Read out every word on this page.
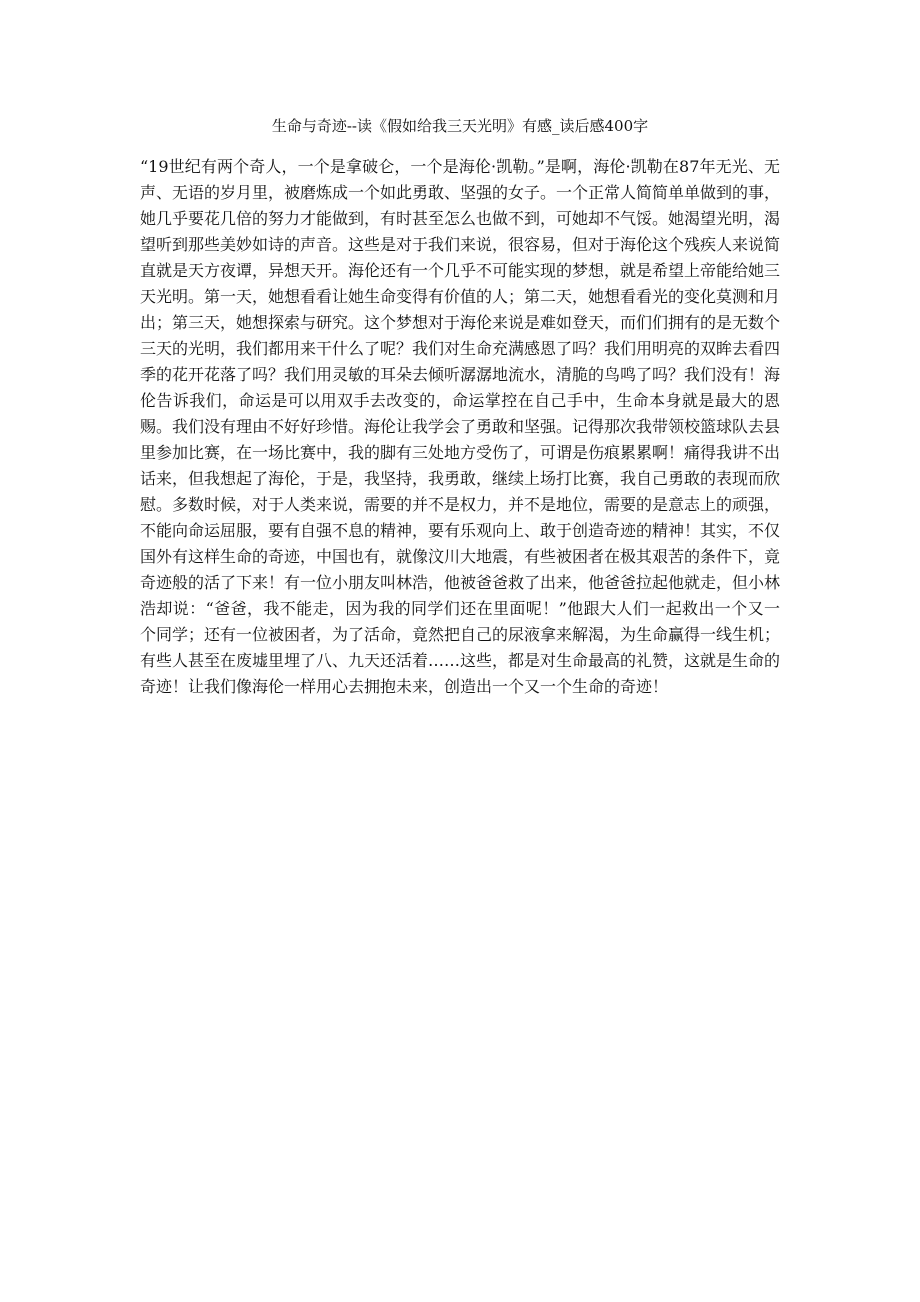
生命与奇迹--读《假如给我三天光明》有感_读后感400字

“19世纪有两个奇人，一个是拿破仑，一个是海伦·凯勒。”是啊，海伦·凯勒在87年无光、无声、无语的岁月里，被磨炼成一个如此勇敢、坚强的女子。一个正常人简简单单做到的事，她几乎要花几倍的努力才能做到，有时甚至怎么也做不到，可她却不气馁。她渴望光明，渴望听到那些美妙如诗的声音。这些是对于我们来说，很容易，但对于海伦这个残疾人来说简直就是天方夜谭，异想天开。海伦还有一个几乎不可能实现的梦想，就是希望上帝能给她三天光明。第一天，她想看看让她生命变得有价值的人；第二天，她想看看光的变化莫测和月出；第三天，她想探索与研究。这个梦想对于海伦来说是难如登天，而们们拥有的是无数个三天的光明，我们都用来干什么了呢？我们对生命充满感恩了吗？我们用明亮的双眸去看四季的花开花落了吗？我们用灵敏的耳朵去倾听潺潺地流水，清脆的鸟鸣了吗？我们没有！海伦告诉我们，命运是可以用双手去改变的，命运掌控在自己手中，生命本身就是最大的恩赐。我们没有理由不好好珍惜。海伦让我学会了勇敢和坚强。记得那次我带领校篮球队去县里参加比赛，在一场比赛中，我的脚有三处地方受伤了，可谓是伤痕累累啊！痛得我讲不出话来，但我想起了海伦，于是，我坚持，我勇敢，继续上场打比赛，我自己勇敢的表现而欣慰。多数时候，对于人类来说，需要的并不是权力，并不是地位，需要的是意志上的顽强，不能向命运屈服，要有自强不息的精神，要有乐观向上、敢于创造奇迹的精神！其实，不仅国外有这样生命的奇迹，中国也有，就像汶川大地震，有些被困者在极其艰苦的条件下，竟奇迹般的活了下来！有一位小朋友叫林浩，他被爸爸救了出来，他爸爸拉起他就走，但小林浩却说：“爸爸，我不能走，因为我的同学们还在里面呢！”他跟大人们一起救出一个又一个同学；还有一位被困者，为了活命，竟然把自己的尿液拿来解渴，为生命赢得一线生机；有些人甚至在废墟里埋了八、九天还活着……这些，都是对生命最高的礼赞，这就是生命的奇迹！让我们像海伦一样用心去拥抱未来，创造出一个又一个生命的奇迹！
